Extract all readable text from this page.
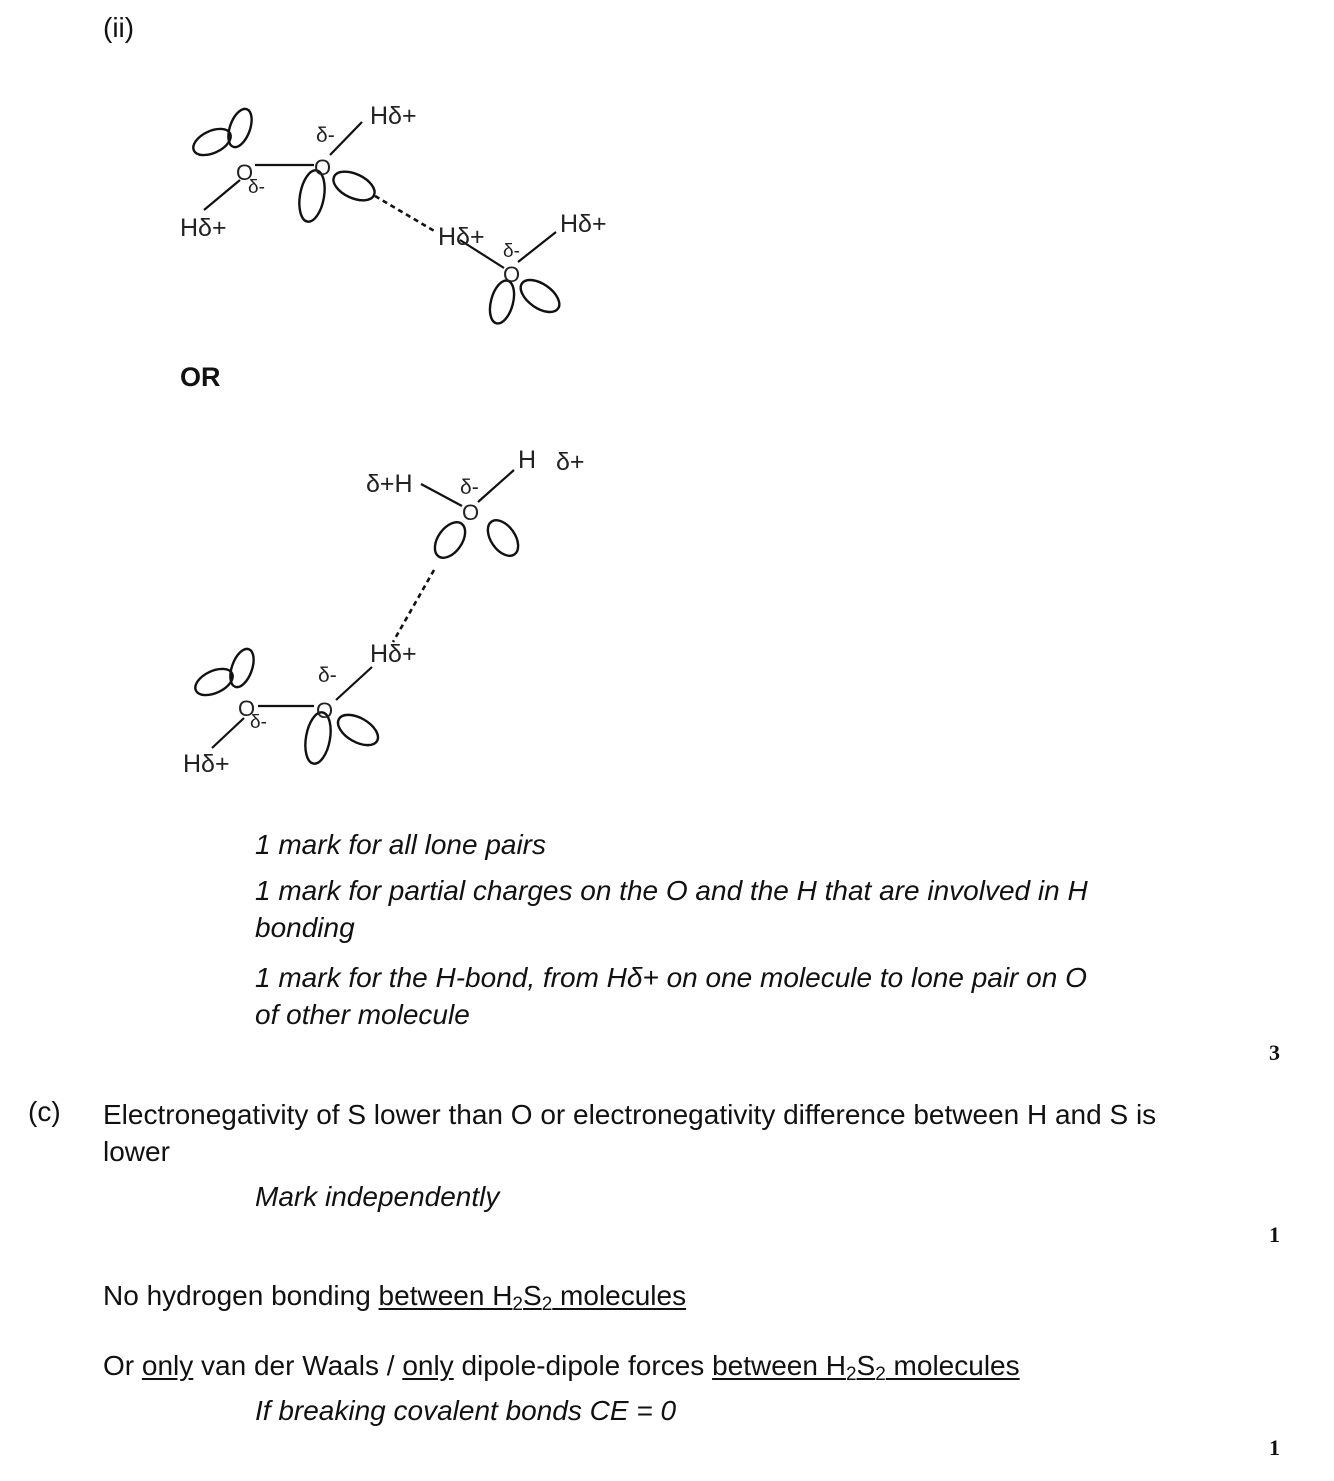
(ii)
Hδ+
δ-
δ-
O	O
Hδ+	Hδ+
δ-
O
Hδ+
OR
δ+H δ-
O
H δ+
Hδ+
δ-
O
δ-
O
Hδ+
1 mark for all lone pairs
1 mark for partial charges on the O and the H that are involved in H
bonding
1 mark for the H-bond, from Hδ+ on one molecule to lone pair on O
of other molecule
3
(c) Electronegativity of S lower than O or electronegativity difference between H and S is
lower
Mark independently
1
No hydrogen bonding between $H_2S_2$ molecules
Or only van der Waals / only dipole-dipole forces between $H_2S_2$ molecules
If breaking covalent bonds CE = 0
1
